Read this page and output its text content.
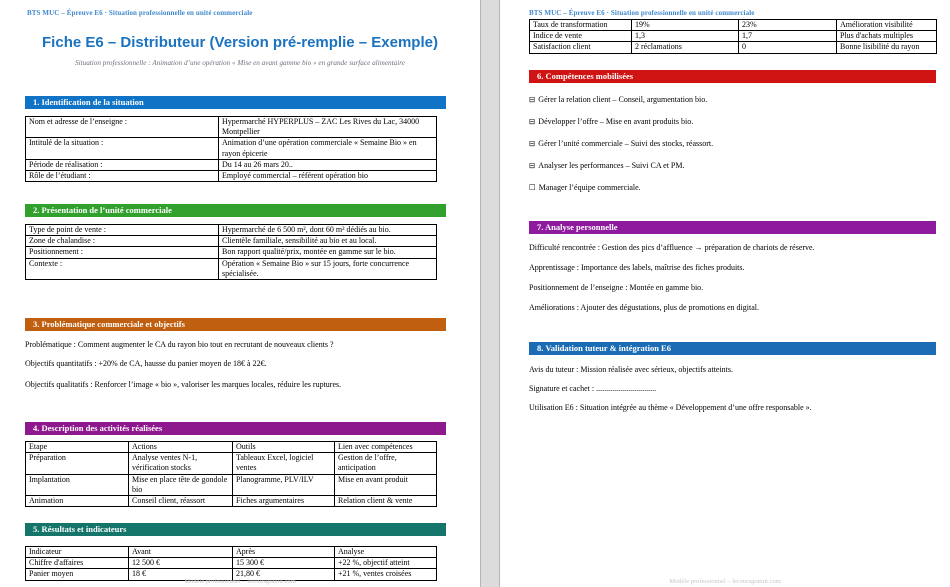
BTS MUC – Épreuve E6 · Situation professionnelle en unité commerciale
Fiche E6 – Distributeur (Version pré-remplie – Exemple)
Situation professionnelle : Animation d’une opération « Mise en avant gamme bio » en grande surface alimentaire
1. Identification de la situation
Nom et adresse de l’enseigne :	Hypermarché HYPERPLUS – ZAC Les Rives du Lac, 34000 Montpellier
Intitulé de la situation :	Animation d’une opération commerciale « Semaine Bio » en rayon épicerie
Période de réalisation :	Du 14 au 26 mars 20..
Rôle de l’étudiant :	Employé commercial – référent opération bio
2. Présentation de l’unité commerciale
Type de point de vente :	Hypermarché de 6 500 m², dont 60 m² dédiés au bio.
Zone de chalandise :	Clientèle familiale, sensibilité au bio et au local.
Positionnement :	Bon rapport qualité/prix, montée en gamme sur le bio.
Contexte :	Opération « Semaine Bio » sur 15 jours, forte concurrence spécialisée.
3. Problématique commerciale et objectifs
Problématique : Comment augmenter le CA du rayon bio tout en recrutant de nouveaux clients ?
Objectifs quantitatifs : +20% de CA, hausse du panier moyen de 18€ à 22€.
Objectifs qualitatifs : Renforcer l’image « bio », valoriser les marques locales, réduire les ruptures.
4. Description des activités réalisées
Etape	Actions	Outils	Lien avec compétences
Préparation	Analyse ventes N-1, vérification stocks	Tableaux Excel, logiciel ventes	Gestion de l’offre, anticipation
Implantation	Mise en place tête de gondole bio	Planogramme, PLV/ILV	Mise en avant produit
Animation	Conseil client, réassort	Fiches argumentaires	Relation client & vente
5. Résultats et indicateurs
Indicateur	Avant	Après	Analyse
Chiffre d'affaires	12 500 €	15 300 €	+22 %, objectif atteint
Panier moyen	18 €	21,80 €	+21 %, ventes croisées
Modèle professionnel – lecoursgratuit.com
BTS MUC – Épreuve E6 · Situation professionnelle en unité commerciale
Taux de transformation	19%	23%	Amélioration visibilité
Indice de vente	1,3	1,7	Plus d'achats multiples
Satisfaction client	2 réclamations	0	Bonne lisibilité du rayon
6. Compétences mobilisées
⊟ Gérer la relation client – Conseil, argumentation bio.
⊟ Développer l’offre – Mise en avant produits bio.
⊟ Gérer l’unité commerciale – Suivi des stocks, réassort.
⊟ Analyser les performances – Suivi CA et PM.
☐ Manager l’équipe commerciale.
7. Analyse personnelle
Difficulté rencontrée : Gestion des pics d’affluence → préparation de chariots de réserve.
Apprentissage : Importance des labels, maîtrise des fiches produits.
Positionnement de l’enseigne : Montée en gamme bio.
Améliorations : Ajouter des dégustations, plus de promotions en digital.
8. Validation tuteur & intégration E6
Avis du tuteur : Mission réalisée avec sérieux, objectifs atteints.
Signature et cachet : ..............................
Utilisation E6 : Situation intégrée au thème « Développement d’une offre responsable ».
Modèle professionnel – lecoursgratuit.com
